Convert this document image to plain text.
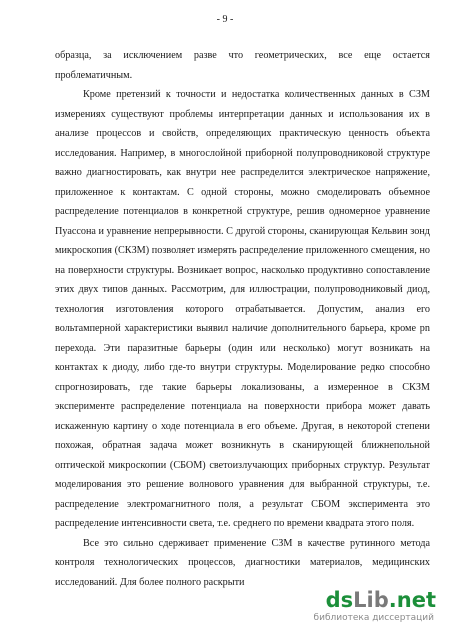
- 9 -

образца, за исключением разве что геометрических, все еще остается проблематичным.

Кроме претензий к точности и недостатка количественных данных в СЗМ измерениях существуют проблемы интерпретации данных и использования их в анализе процессов и свойств, определяющих практическую ценность объекта исследования. Например, в многослойной приборной полупроводниковой структуре важно диагностировать, как внутри нее распределится электрическое напряжение, приложенное к контактам. С одной стороны, можно смоделировать объемное распределение потенциалов в конкретной структуре, решив одномерное уравнение Пуассона и уравнение непрерывности. С другой стороны, сканирующая Кельвин зонд микроскопия (СКЗМ) позволяет измерять распределение приложенного смещения, но на поверхности структуры. Возникает вопрос, насколько продуктивно сопоставление этих двух типов данных. Рассмотрим, для иллюстрации, полупроводниковый диод, технология изготовления которого отрабатывается. Допустим, анализ его вольтамперной характеристики выявил наличие дополнительного барьера, кроме pn перехода. Эти паразитные барьеры (один или несколько) могут возникать на контактах к диоду, либо где-то внутри структуры. Моделирование редко способно спрогнозировать, где такие барьеры локализованы, а измеренное в СКЗМ эксперименте распределение потенциала на поверхности прибора может давать искаженную картину о ходе потенциала в его объеме. Другая, в некоторой степени похожая, обратная задача может возникнуть в сканирующей ближнепольной оптической микроскопии (СБОМ) светоизлучающих приборных структур. Результат моделирования это решение волнового уравнения для выбранной структуры, т.е. распределение электромагнитного поля, а результат СБОМ эксперимента это распределение интенсивности света, т.е. среднего по времени квадрата этого поля.

Все это сильно сдерживает применение СЗМ в качестве рутинного метода контроля технологических процессов, диагностики материалов, медицинских исследований. Для более полного раскрыти

dsLib.net
библиотека диссертаций
